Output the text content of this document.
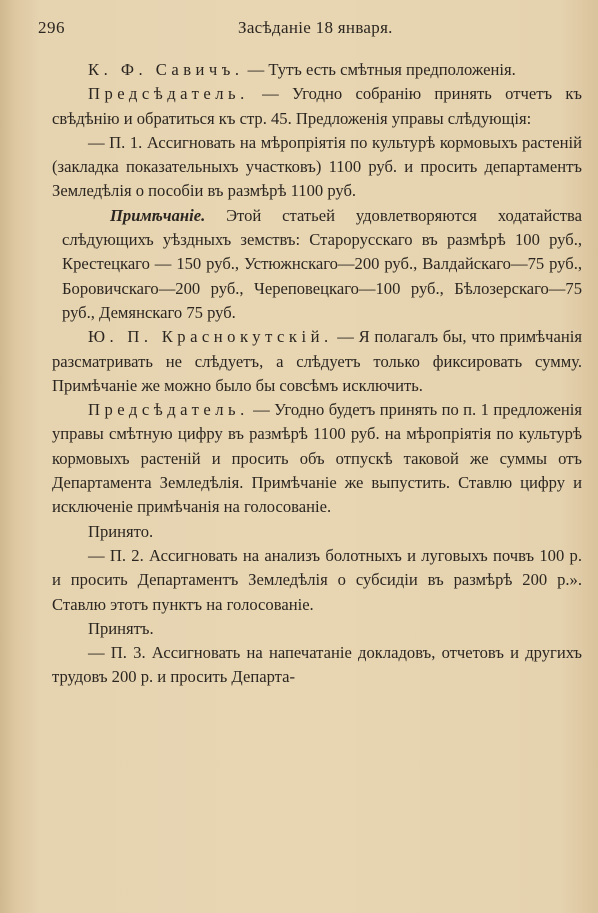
296	Засѣданіе 18 января.

К. Ф. Савичъ. — Тутъ есть смѣтныя предположенія.

Предсѣдатель. — Угодно собранію принять отчетъ къ свѣдѣнію и обратиться къ стр. 45. Предложенія управы слѣдующія:

— П. 1. Ассигновать на мѣропріятія по культурѣ кормовыхъ растеній (закладка показательныхъ участковъ) 1100 руб. и просить департаментъ Земледѣлія о пособіи въ размѣрѣ 1100 руб.

Примѣчаніе. Этой статьей удовлетворяются ходатайства слѣдующихъ уѣздныхъ земствъ: Старорусскаго въ размѣрѣ 100 руб., Крестецкаго — 150 руб., Устюжнскаго—200 руб., Валдайскаго—75 руб., Боровичскаго—200 руб., Череповецкаго—100 руб., Бѣлозерскаго—75 руб., Демянскаго 75 руб.

Ю. П. Краснокутскій. — Я полагалъ бы, что примѣчанія разсматривать не слѣдуетъ, а слѣдуетъ только фиксировать сумму. Примѣчаніе же можно было бы совсѣмъ исключить.

Предсѣдатель. — Угодно будетъ принять по п. 1 предложенія управы смѣтную цифру въ размѣрѣ 1100 руб. на мѣропріятія по культурѣ кормовыхъ растеній и просить объ отпускѣ таковой же суммы отъ Департамента Земледѣлія. Примѣчаніе же выпустить. Ставлю цифру и исключеніе примѣчанія на голосованіе.

Принято.

— П. 2. Ассигновать на анализъ болотныхъ и луговыхъ почвъ 100 р. и просить Департаментъ Земледѣлія о субсидіи въ размѣрѣ 200 р.». Ставлю этотъ пунктъ на голосованіе.

Принятъ.

— П. 3. Ассигновать на напечатаніе докладовъ, отчетовъ и другихъ трудовъ 200 р. и просить Департа-
